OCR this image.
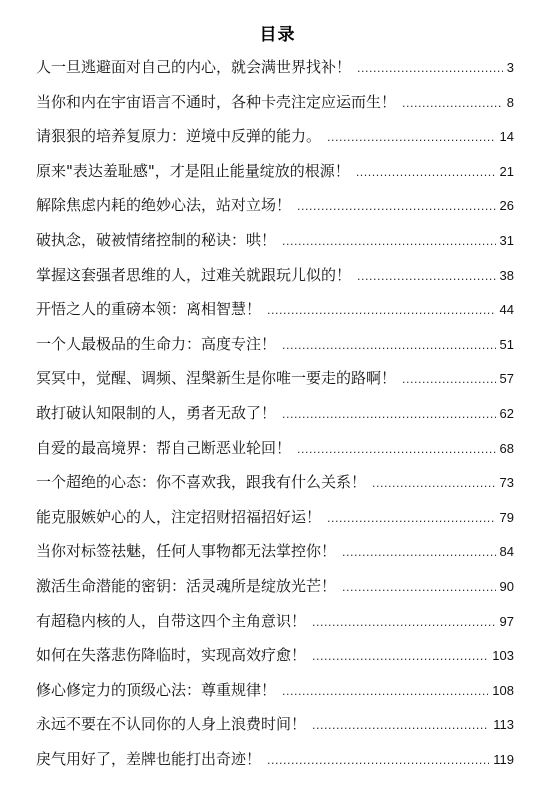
目录
人一旦逃避面对自己的内心，就会满世界找补！ .....	3
当你和内在宇宙语言不通时，各种卡壳注定应运而生！ .....	8
请狠狠的培养复原力：逆境中反弹的能力。 .....	14
原来"表达羞耻感"，才是阻止能量绽放的根源！ .....	21
解除焦虑内耗的绝妙心法，站对立场！ .....	26
破执念，破被情绪控制的秘诀：哄！ .....	31
掌握这套强者思维的人，过难关就跟玩儿似的！ .....	38
开悟之人的重磅本领：离相智慧！ .....	44
一个人最极品的生命力：高度专注！ .....	51
冥冥中，觉醒、调频、涅槃新生是你唯一要走的路啊！ .....	57
敢打破认知限制的人，勇者无敌了！ .....	62
自爱的最高境界：帮自己断恶业轮回！ .....	68
一个超绝的心态：你不喜欢我，跟我有什么关系！ .....	73
能克服嫉妒心的人，注定招财招福招好运！ .....	79
当你对标签祛魅，任何人事物都无法掌控你！ .....	84
激活生命潜能的密钥：活灵魂所是绽放光芒！ .....	90
有超稳内核的人，自带这四个主角意识！ .....	97
如何在失落悲伤降临时，实现高效疗愈！ .....	103
修心修定力的顶级心法：尊重规律！ .....	108
永远不要在不认同你的人身上浪费时间！ .....	113
戾气用好了，差牌也能打出奇迹！ .....	119
